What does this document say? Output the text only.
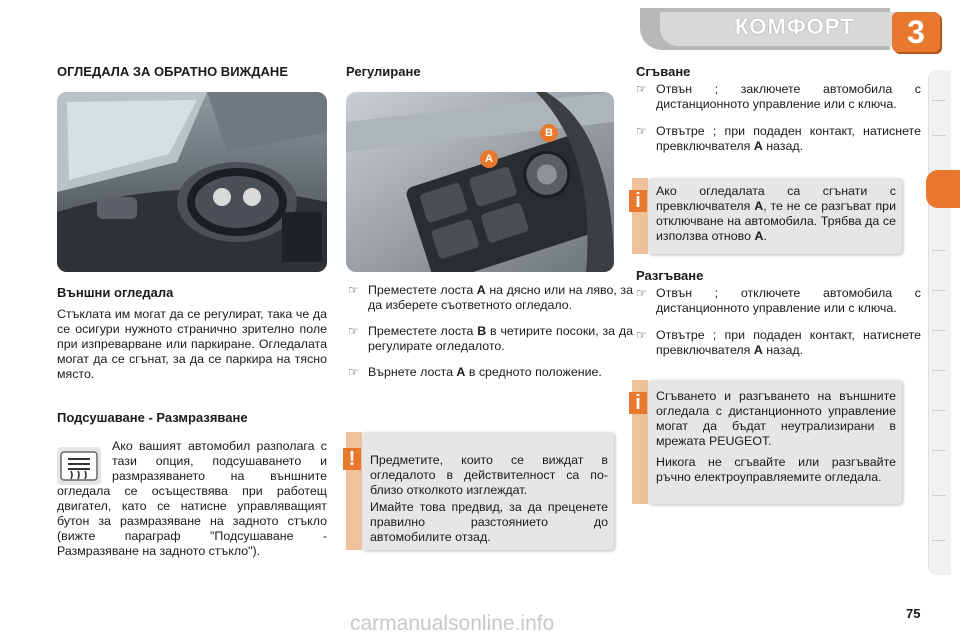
КОМФОРТ	3
ОГЛЕДАЛА ЗА ОБРАТНО ВИЖДАНЕ
Външни огледала
Стъклата им могат да се регулират, така че да се осигури нужното страничнo зрително поле при изпреварване или паркиране. Огледалата могат да се сгънат, за да се паркира на тясно място.
Подсушаване - Размразяване
Ако вашият автомобил разполага с тази опция, подсушаването и размразяването на външните огледала се осъществява при работещ двигател, като се натисне управляващият бутон за размразяване на задното стъкло (вижте параграф "Подсушаване - Размразяване на задното стъкло").
Регулиране
B
A
☞ Преместете лоста A на дясно или на ляво, за да изберете съответното огледало.
☞ Преместете лоста B в четирите посоки, за да регулирате огледалото.
☞ Върнете лоста A в средното положение.
!	Предметите, които се виждат в огледалото в действителност са по-близо отколкото изглеждат.
Имайте това предвид, за да преценете правилно разстоянието до автомобилите отзад.
Сгъване
☞ Отвън ; заключете автомобила с дистанционното управление или с ключа.
☞ Отвътре ; при подаден контакт, натиснете превключвателя A назад.
i	Ако огледалата са сгънати с превключвателя A, те не се разгъват при отключване на автомобила. Трябва да се използва отново A.
Разгъване
☞ Отвън ; отключете автомобила с дистанционното управление или с ключа.
☞ Отвътре ; при подаден контакт, натиснете превключвателя A назад.
i	Сгъването и разгъването на външните огледала с дистанционното управление могат да бъдат неутрализирани в мрежата PEUGEOT.
Никога не сгъвайте или разгъвайте ръчно електроуправляемите огледала.
75
carmanualsonline.info
